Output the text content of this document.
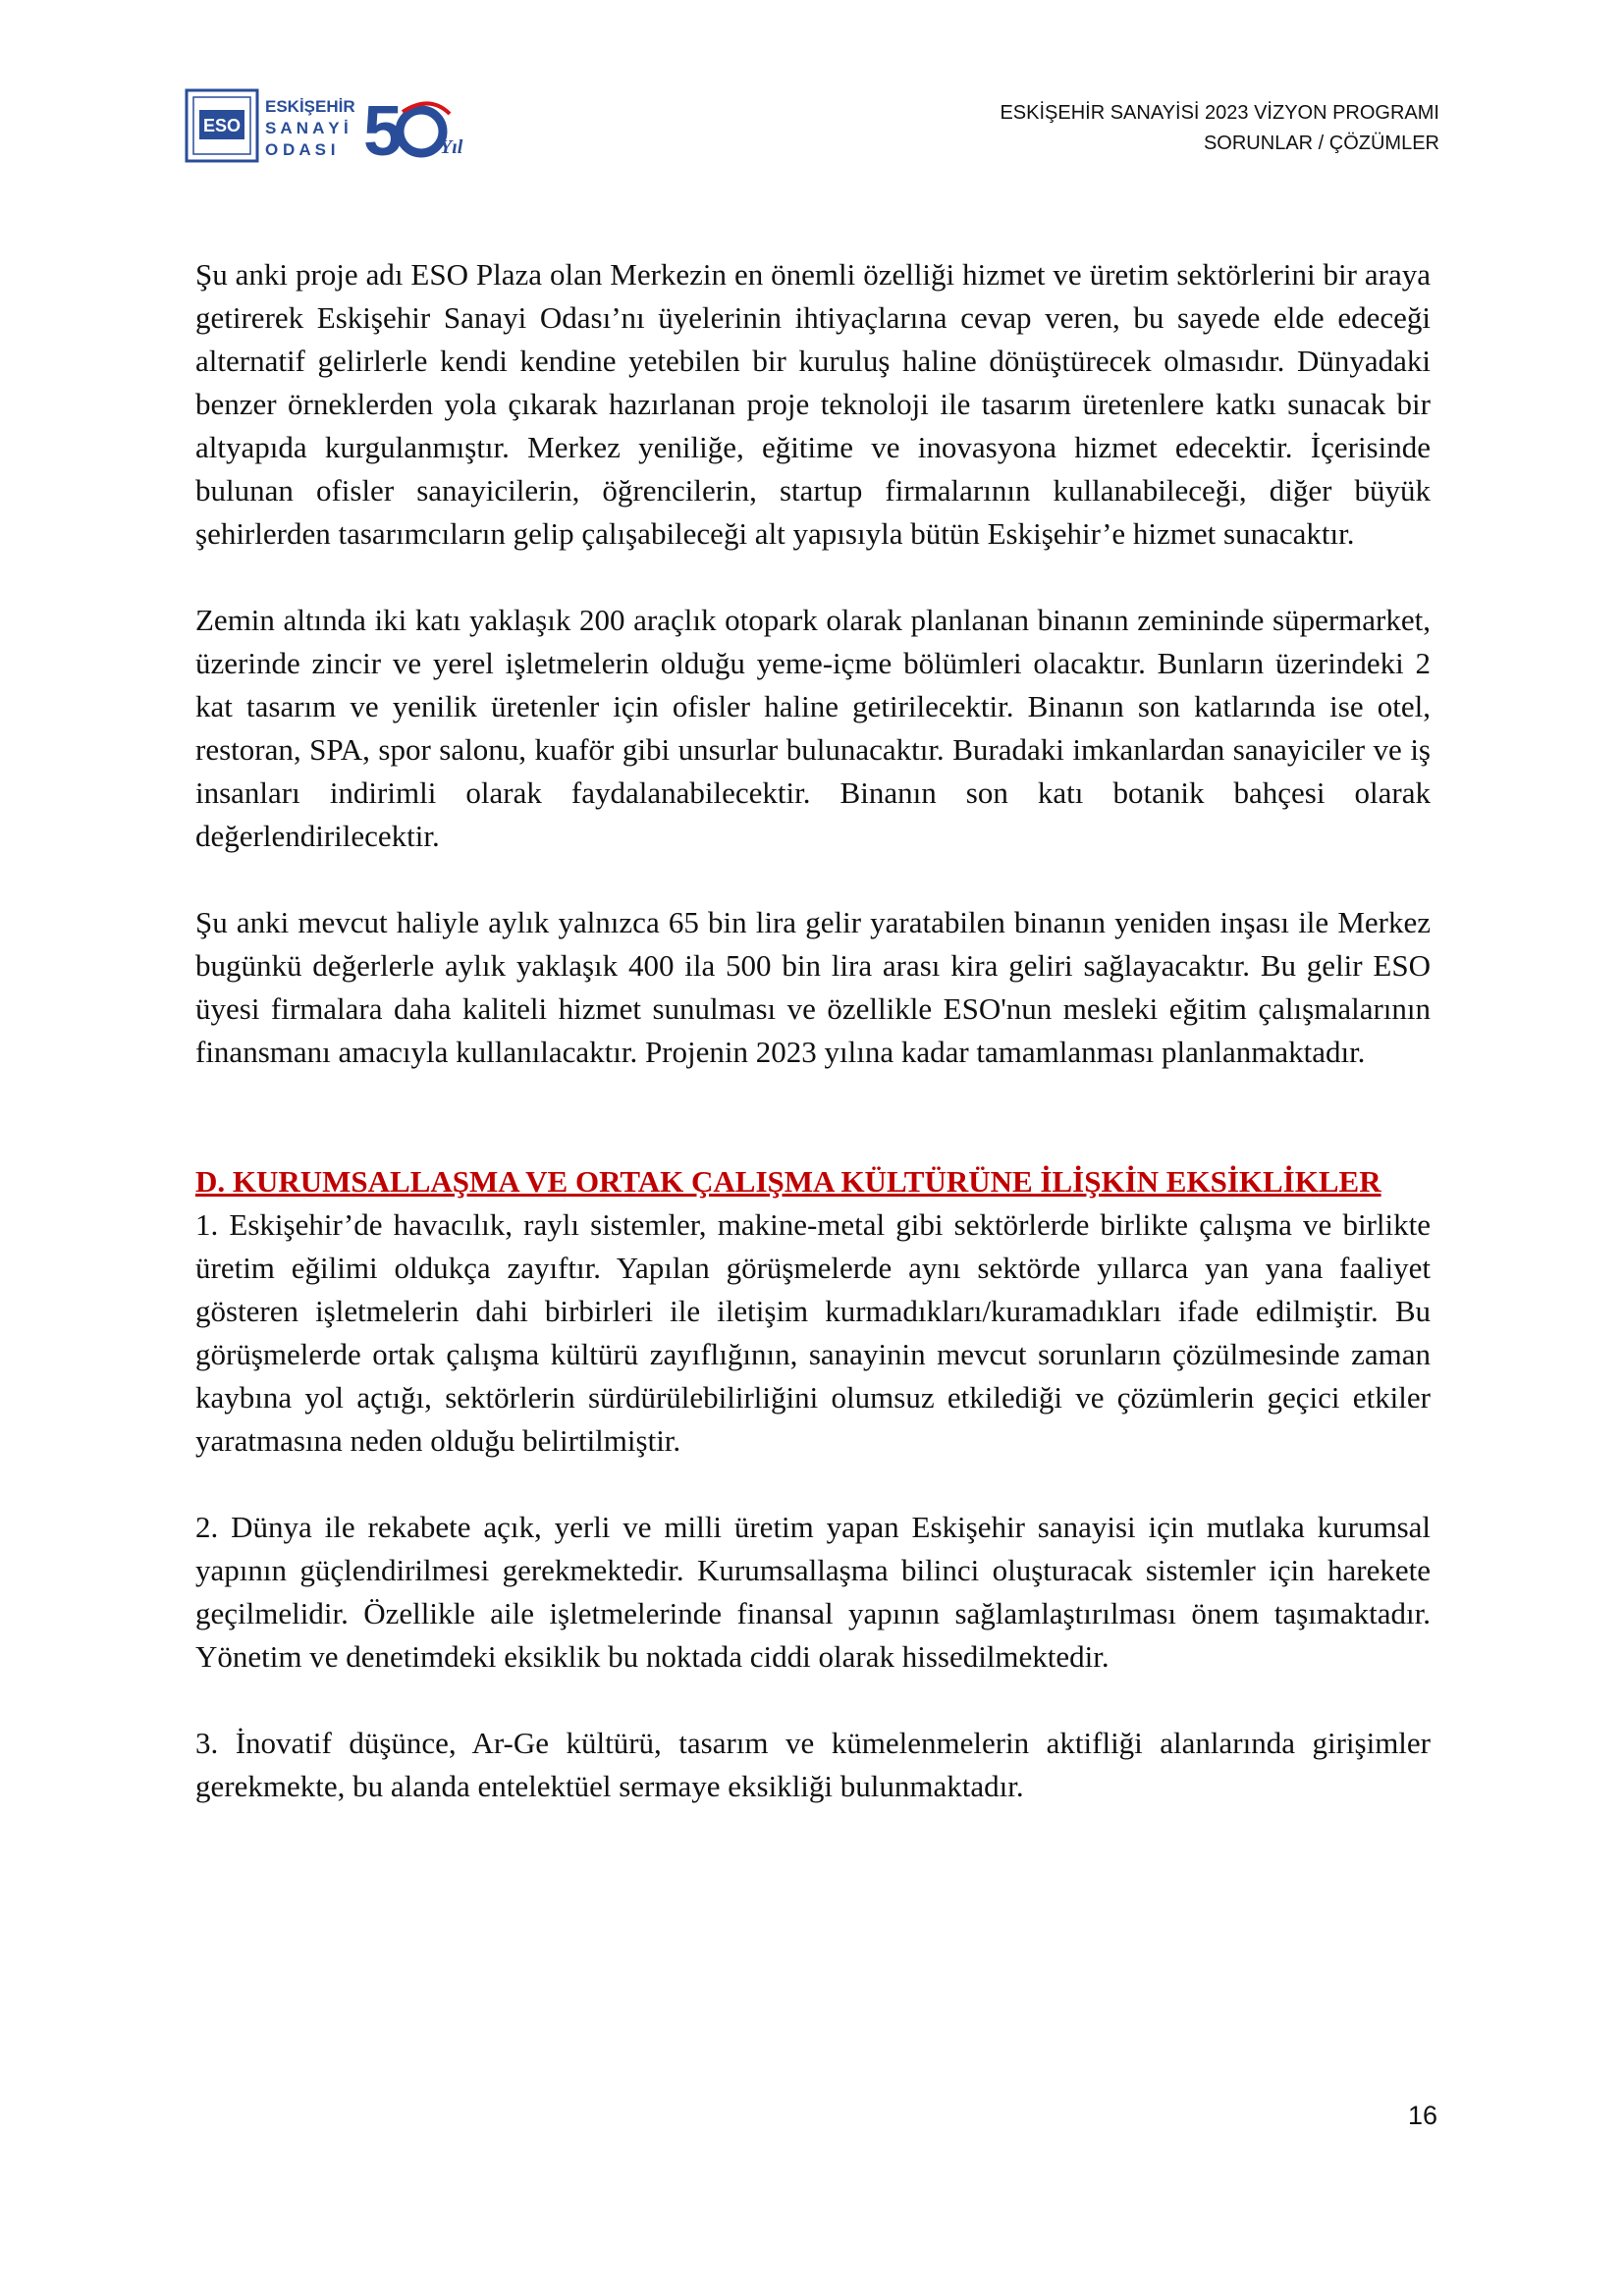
ESO
ESKİŞEHİR
S A N A Y İ
O D A S I 5 Yıl
ESKİŞEHİR SANAYİSİ 2023 VİZYON PROGRAMI
SORUNLAR / ÇÖZÜMLER

Şu anki proje adı ESO Plaza olan Merkezin en önemli özelliği hizmet ve üretim sektörlerini bir araya getirerek Eskişehir Sanayi Odası’nı üyelerinin ihtiyaçlarına cevap veren, bu sayede elde edeceği alternatif gelirlerle kendi kendine yetebilen bir kuruluş haline dönüştürecek olmasıdır. Dünyadaki benzer örneklerden yola çıkarak hazırlanan proje teknoloji ile tasarım üretenlere katkı sunacak bir altyapıda kurgulanmıştır. Merkez yeniliğe, eğitime ve inovasyona hizmet edecektir. İçerisinde bulunan ofisler sanayicilerin, öğrencilerin, startup firmalarının kullanabileceği, diğer büyük şehirlerden tasarımcıların gelip çalışabileceği alt yapısıyla bütün Eskişehir’e hizmet sunacaktır.

Zemin altında iki katı yaklaşık 200 araçlık otopark olarak planlanan binanın zemininde süpermarket, üzerinde zincir ve yerel işletmelerin olduğu yeme-içme bölümleri olacaktır. Bunların üzerindeki 2 kat tasarım ve yenilik üretenler için ofisler haline getirilecektir. Binanın son katlarında ise otel, restoran, SPA, spor salonu, kuaför gibi unsurlar bulunacaktır. Buradaki imkanlardan sanayiciler ve iş insanları indirimli olarak faydalanabilecektir. Binanın son katı botanik bahçesi olarak değerlendirilecektir.

Şu anki mevcut haliyle aylık yalnızca 65 bin lira gelir yaratabilen binanın yeniden inşası ile Merkez bugünkü değerlerle aylık yaklaşık 400 ila 500 bin lira arası kira geliri sağlayacaktır. Bu gelir ESO üyesi firmalara daha kaliteli hizmet sunulması ve özellikle ESO'nun mesleki eğitim çalışmalarının finansmanı amacıyla kullanılacaktır. Projenin 2023 yılına kadar tamamlanması planlanmaktadır.

D. KURUMSALLAŞMA VE ORTAK ÇALIŞMA KÜLTÜRÜNE İLİŞKİN EKSİKLİKLER

1. Eskişehir’de havacılık, raylı sistemler, makine-metal gibi sektörlerde birlikte çalışma ve birlikte üretim eğilimi oldukça zayıftır. Yapılan görüşmelerde aynı sektörde yıllarca yan yana faaliyet gösteren işletmelerin dahi birbirleri ile iletişim kurmadıkları/kuramadıkları ifade edilmiştir. Bu görüşmelerde ortak çalışma kültürü zayıflığının, sanayinin mevcut sorunların çözülmesinde zaman kaybına yol açtığı, sektörlerin sürdürülebilirliğini olumsuz etkilediği ve çözümlerin geçici etkiler yaratmasına neden olduğu belirtilmiştir.

2. Dünya ile rekabete açık, yerli ve milli üretim yapan Eskişehir sanayisi için mutlaka kurumsal yapının güçlendirilmesi gerekmektedir. Kurumsallaşma bilinci oluşturacak sistemler için harekete geçilmelidir. Özellikle aile işletmelerinde finansal yapının sağlamlaştırılması önem taşımaktadır. Yönetim ve denetimdeki eksiklik bu noktada ciddi olarak hissedilmektedir.

3. İnovatif düşünce, Ar-Ge kültürü, tasarım ve kümelenmelerin aktifliği alanlarında girişimler gerekmekte, bu alanda entelektüel sermaye eksikliği bulunmaktadır.

16
